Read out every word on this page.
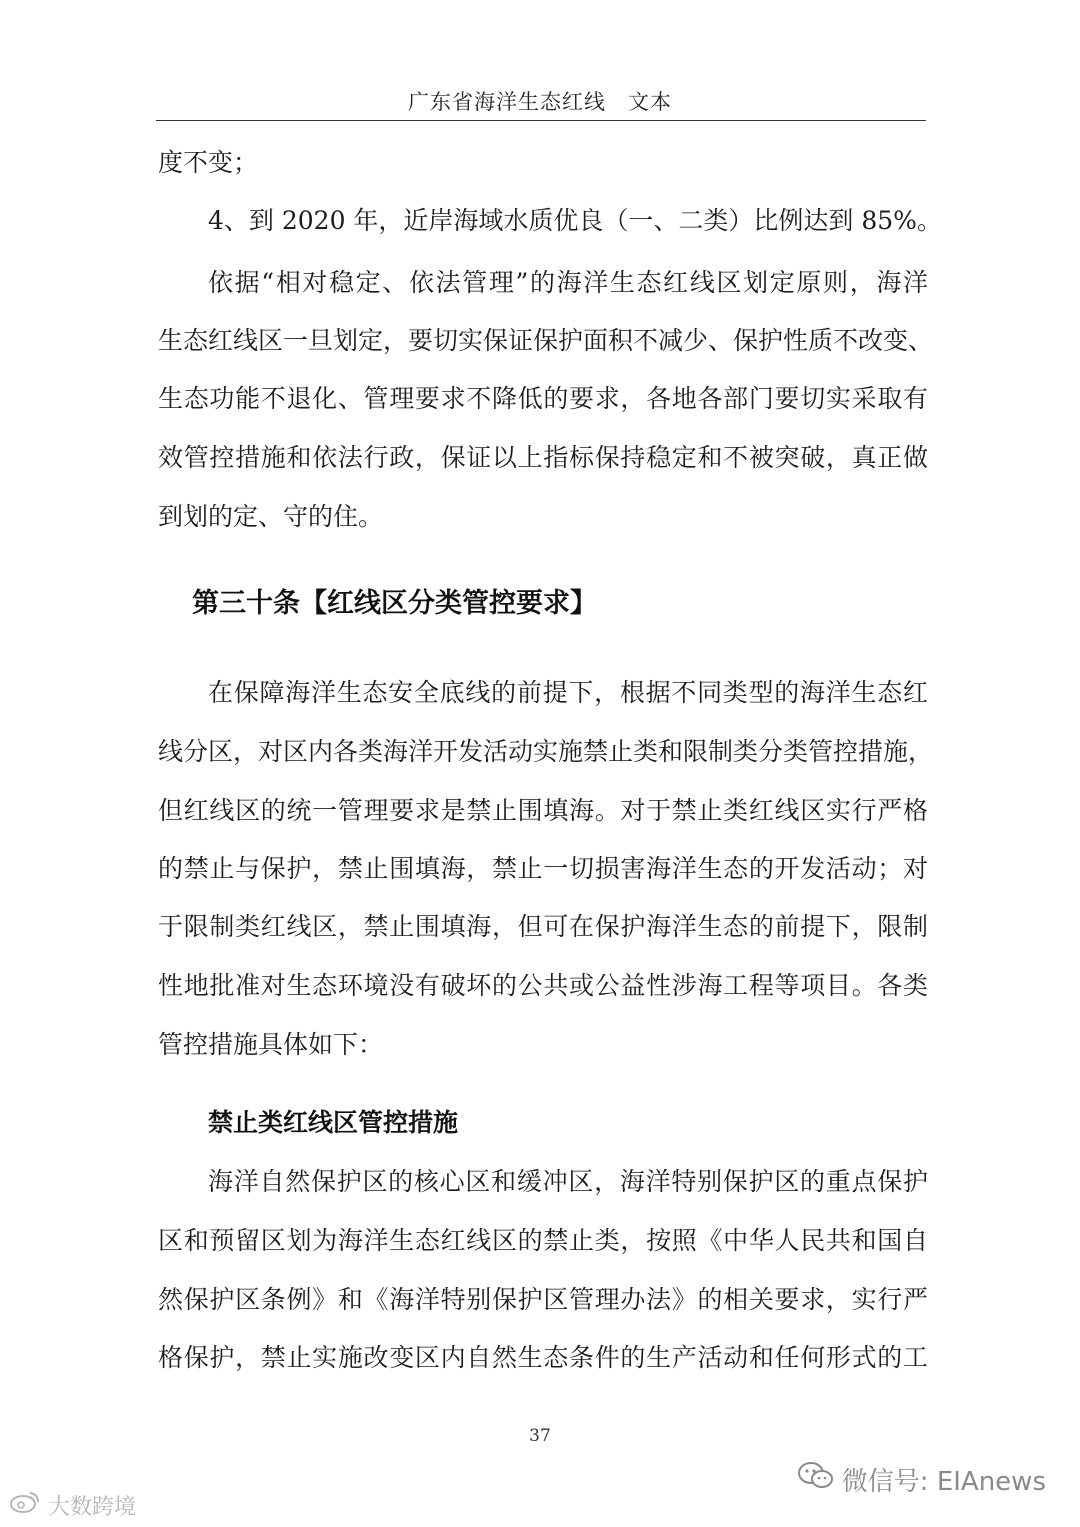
广东省海洋生态红线　文本
度不变；
4、到 2020 年，近岸海域水质优良（一、二类）比例达到 85%。
依据“相对稳定、依法管理”的海洋生态红线区划定原则，海洋
生态红线区一旦划定，要切实保证保护面积不减少、保护性质不改变、
生态功能不退化、管理要求不降低的要求，各地各部门要切实采取有
效管控措施和依法行政，保证以上指标保持稳定和不被突破，真正做
到划的定、守的住。
第三十条【红线区分类管控要求】
在保障海洋生态安全底线的前提下，根据不同类型的海洋生态红
线分区，对区内各类海洋开发活动实施禁止类和限制类分类管控措施，
但红线区的统一管理要求是禁止围填海。对于禁止类红线区实行严格
的禁止与保护，禁止围填海，禁止一切损害海洋生态的开发活动；对
于限制类红线区，禁止围填海，但可在保护海洋生态的前提下，限制
性地批准对生态环境没有破坏的公共或公益性涉海工程等项目。各类
管控措施具体如下：
禁止类红线区管控措施
海洋自然保护区的核心区和缓冲区，海洋特别保护区的重点保护
区和预留区划为海洋生态红线区的禁止类，按照《中华人民共和国自
然保护区条例》和《海洋特别保护区管理办法》的相关要求，实行严
格保护，禁止实施改变区内自然生态条件的生产活动和任何形式的工
37
微信号: EIAnews
大数跨境
